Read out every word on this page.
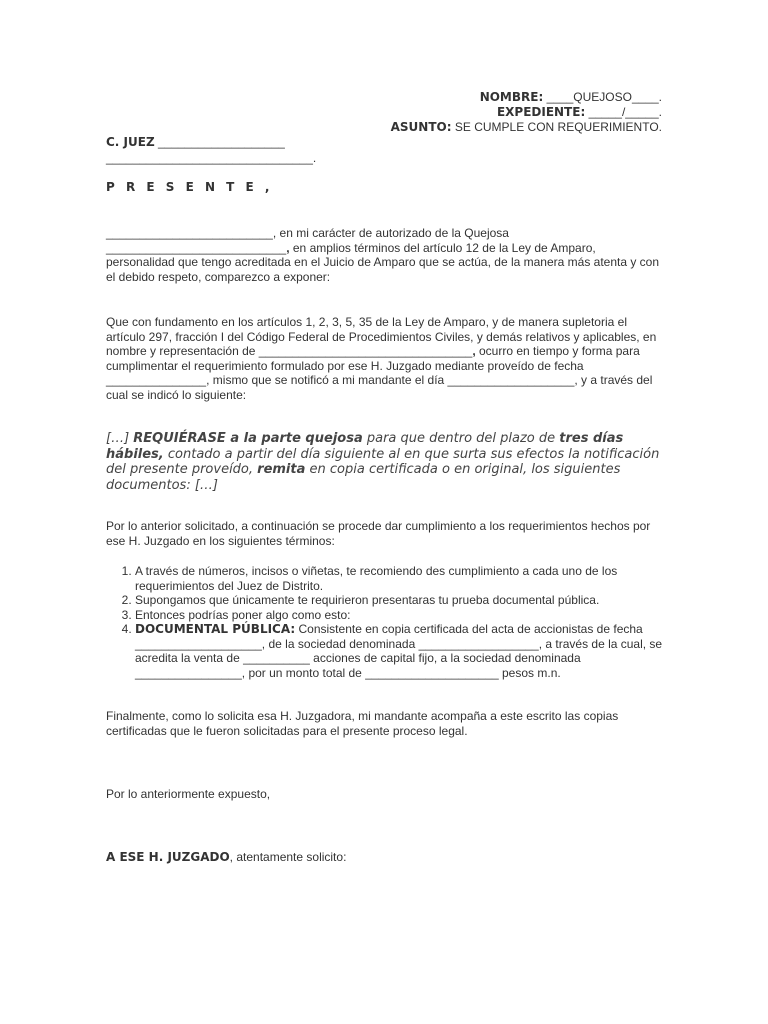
NOMBRE: ____QUEJOSO____.
EXPEDIENTE: _____/_____.
ASUNTO: SE CUMPLE CON REQUERIMIENTO.
C. JUEZ ___________________
_______________________________.
P R E S E N T E ,

_________________________, en mi carácter de autorizado de la Quejosa ___________________________, en amplios términos del artículo 12 de la Ley de Amparo, personalidad que tengo acreditada en el Juicio de Amparo que se actúa, de la manera más atenta y con el debido respeto, comparezco a exponer:

Que con fundamento en los artículos 1, 2, 3, 5, 35 de la Ley de Amparo, y de manera supletoria el artículo 297, fracción I del Código Federal de Procedimientos Civiles, y demás relativos y aplicables, en nombre y representación de ________________________________, ocurro en tiempo y forma para cumplimentar el requerimiento formulado por ese H. Juzgado mediante proveído de fecha _______________, mismo que se notificó a mi mandante el día ___________________, y a través del cual se indicó lo siguiente:

[…] REQUIÉRASE a la parte quejosa para que dentro del plazo de tres días hábiles, contado a partir del día siguiente al en que surta sus efectos la notificación del presente proveído, remita en copia certificada o en original, los siguientes documentos: […]

Por lo anterior solicitado, a continuación se procede dar cumplimiento a los requerimientos hechos por ese H. Juzgado en los siguientes términos:

1. A través de números, incisos o viñetas, te recomiendo des cumplimiento a cada uno de los requerimientos del Juez de Distrito.
2. Supongamos que únicamente te requirieron presentaras tu prueba documental pública.
3. Entonces podrías poner algo como esto:
4. DOCUMENTAL PÚBLICA: Consistente en copia certificada del acta de accionistas de fecha ___________________, de la sociedad denominada __________________, a través de la cual, se acredita la venta de __________ acciones de capital fijo, a la sociedad denominada ________________, por un monto total de ____________________ pesos m.n.

Finalmente, como lo solicita esa H. Juzgadora, mi mandante acompaña a este escrito las copias certificadas que le fueron solicitadas para el presente proceso legal.

Por lo anteriormente expuesto,

A ESE H. JUZGADO, atentamente solicito:
